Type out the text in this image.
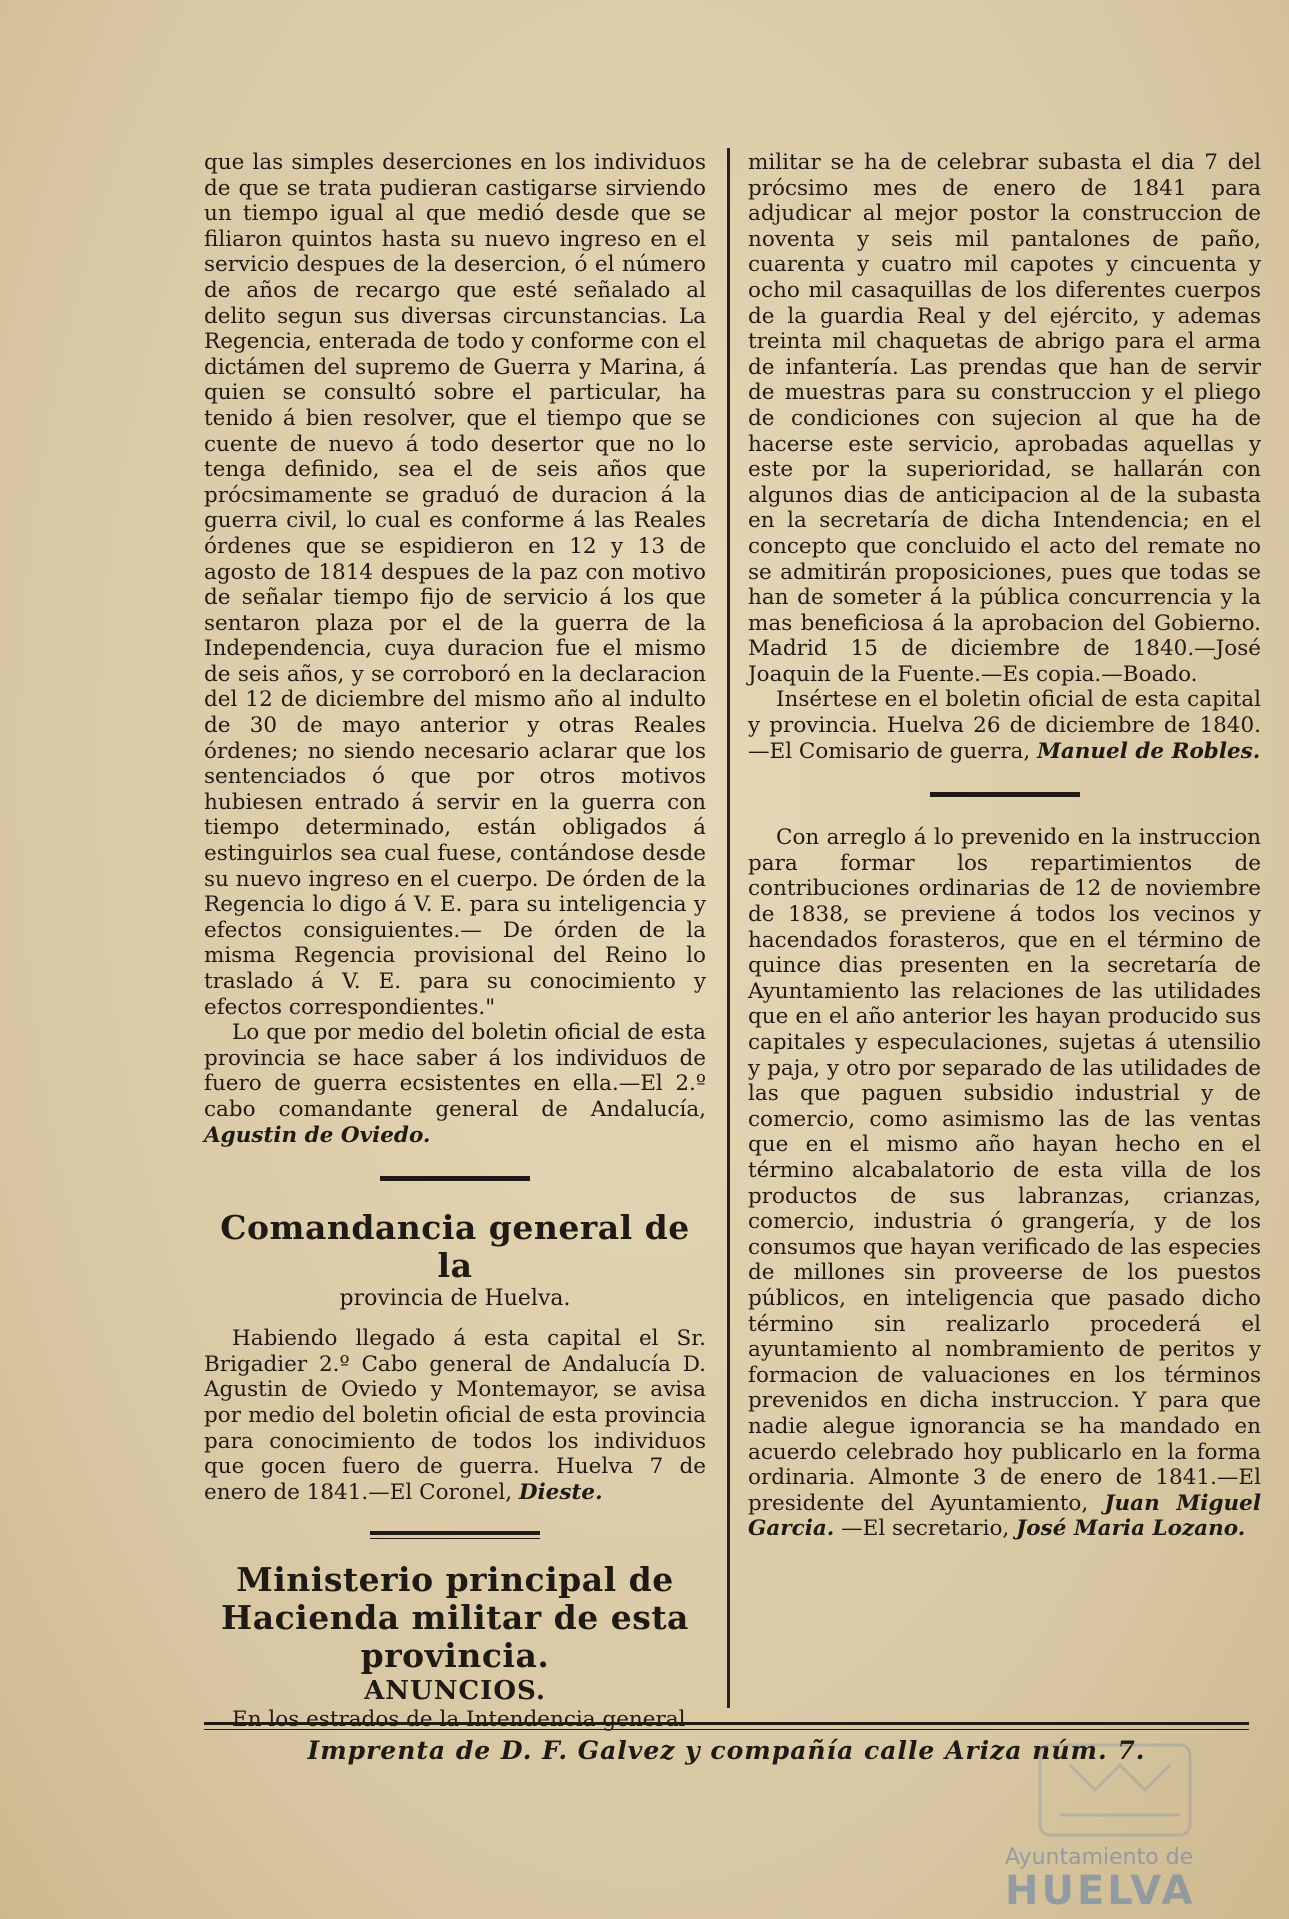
que las simples deserciones en los individuos de que se trata pudieran castigarse sirviendo un tiempo igual al que medió desde que se filiaron quintos hasta su nuevo ingreso en el servicio despues de la desercion, ó el número de años de recargo que esté señalado al delito segun sus diversas circunstancias. La Regencia, enterada de todo y conforme con el dictámen del supremo de Guerra y Marina, á quien se consultó sobre el particular, ha tenido á bien resolver, que el tiempo que se cuente de nuevo á todo desertor que no lo tenga definido, sea el de seis años que prócsimamente se graduó de duracion á la guerra civil, lo cual es conforme á las Reales órdenes que se espidieron en 12 y 13 de agosto de 1814 despues de la paz con motivo de señalar tiempo fijo de servicio á los que sentaron plaza por el de la guerra de la Independencia, cuya duracion fue el mismo de seis años, y se corroboró en la declaracion del 12 de diciembre del mismo año al indulto de 30 de mayo anterior y otras Reales órdenes; no siendo necesario aclarar que los sentenciados ó que por otros motivos hubiesen entrado á servir en la guerra con tiempo determinado, están obligados á estinguirlos sea cual fuese, contándose desde su nuevo ingreso en el cuerpo. De órden de la Regencia lo digo á V. E. para su inteligencia y efectos consiguientes.— De órden de la misma Regencia provisional del Reino lo traslado á V. E. para su conocimiento y efectos correspondientes."

Lo que por medio del boletin oficial de esta provincia se hace saber á los individuos de fuero de guerra ecsistentes en ella.—El 2.º cabo comandante general de Andalucía, Agustin de Oviedo.

Comandancia general de la
provincia de Huelva.

Habiendo llegado á esta capital el Sr. Brigadier 2.º Cabo general de Andalucía D. Agustin de Oviedo y Montemayor, se avisa por medio del boletin oficial de esta provincia para conocimiento de todos los individuos que gocen fuero de guerra. Huelva 7 de enero de 1841.—El Coronel, Dieste.

Ministerio principal de Hacienda militar de esta provincia.
ANUNCIOS.

En los estrados de la Intendencia general

militar se ha de celebrar subasta el dia 7 del prócsimo mes de enero de 1841 para adjudicar al mejor postor la construccion de noventa y seis mil pantalones de paño, cuarenta y cuatro mil capotes y cincuenta y ocho mil casaquillas de los diferentes cuerpos de la guardia Real y del ejército, y ademas treinta mil chaquetas de abrigo para el arma de infantería. Las prendas que han de servir de muestras para su construccion y el pliego de condiciones con sujecion al que ha de hacerse este servicio, aprobadas aquellas y este por la superioridad, se hallarán con algunos dias de anticipacion al de la subasta en la secretaría de dicha Intendencia; en el concepto que concluido el acto del remate no se admitirán proposiciones, pues que todas se han de someter á la pública concurrencia y la mas beneficiosa á la aprobacion del Gobierno. Madrid 15 de diciembre de 1840.—José Joaquin de la Fuente.—Es copia.—Boado.

Insértese en el boletin oficial de esta capital y provincia. Huelva 26 de diciembre de 1840.—El Comisario de guerra, Manuel de Robles.

Con arreglo á lo prevenido en la instruccion para formar los repartimientos de contribuciones ordinarias de 12 de noviembre de 1838, se previene á todos los vecinos y hacendados forasteros, que en el término de quince dias presenten en la secretaría de Ayuntamiento las relaciones de las utilidades que en el año anterior les hayan producido sus capitales y especulaciones, sujetas á utensilio y paja, y otro por separado de las utilidades de las que paguen subsidio industrial y de comercio, como asimismo las de las ventas que en el mismo año hayan hecho en el término alcabalatorio de esta villa de los productos de sus labranzas, crianzas, comercio, industria ó grangería, y de los consumos que hayan verificado de las especies de millones sin proveerse de los puestos públicos, en inteligencia que pasado dicho término sin realizarlo procederá el ayuntamiento al nombramiento de peritos y formacion de valuaciones en los términos prevenidos en dicha instruccion. Y para que nadie alegue ignorancia se ha mandado en acuerdo celebrado hoy publicarlo en la forma ordinaria. Almonte 3 de enero de 1841.—El presidente del Ayuntamiento, Juan Miguel Garcia. —El secretario, José Maria Lozano.

Imprenta de D. F. Galvez y compañía calle Ariza núm. 7.
Ayuntamiento de
HUELVA
